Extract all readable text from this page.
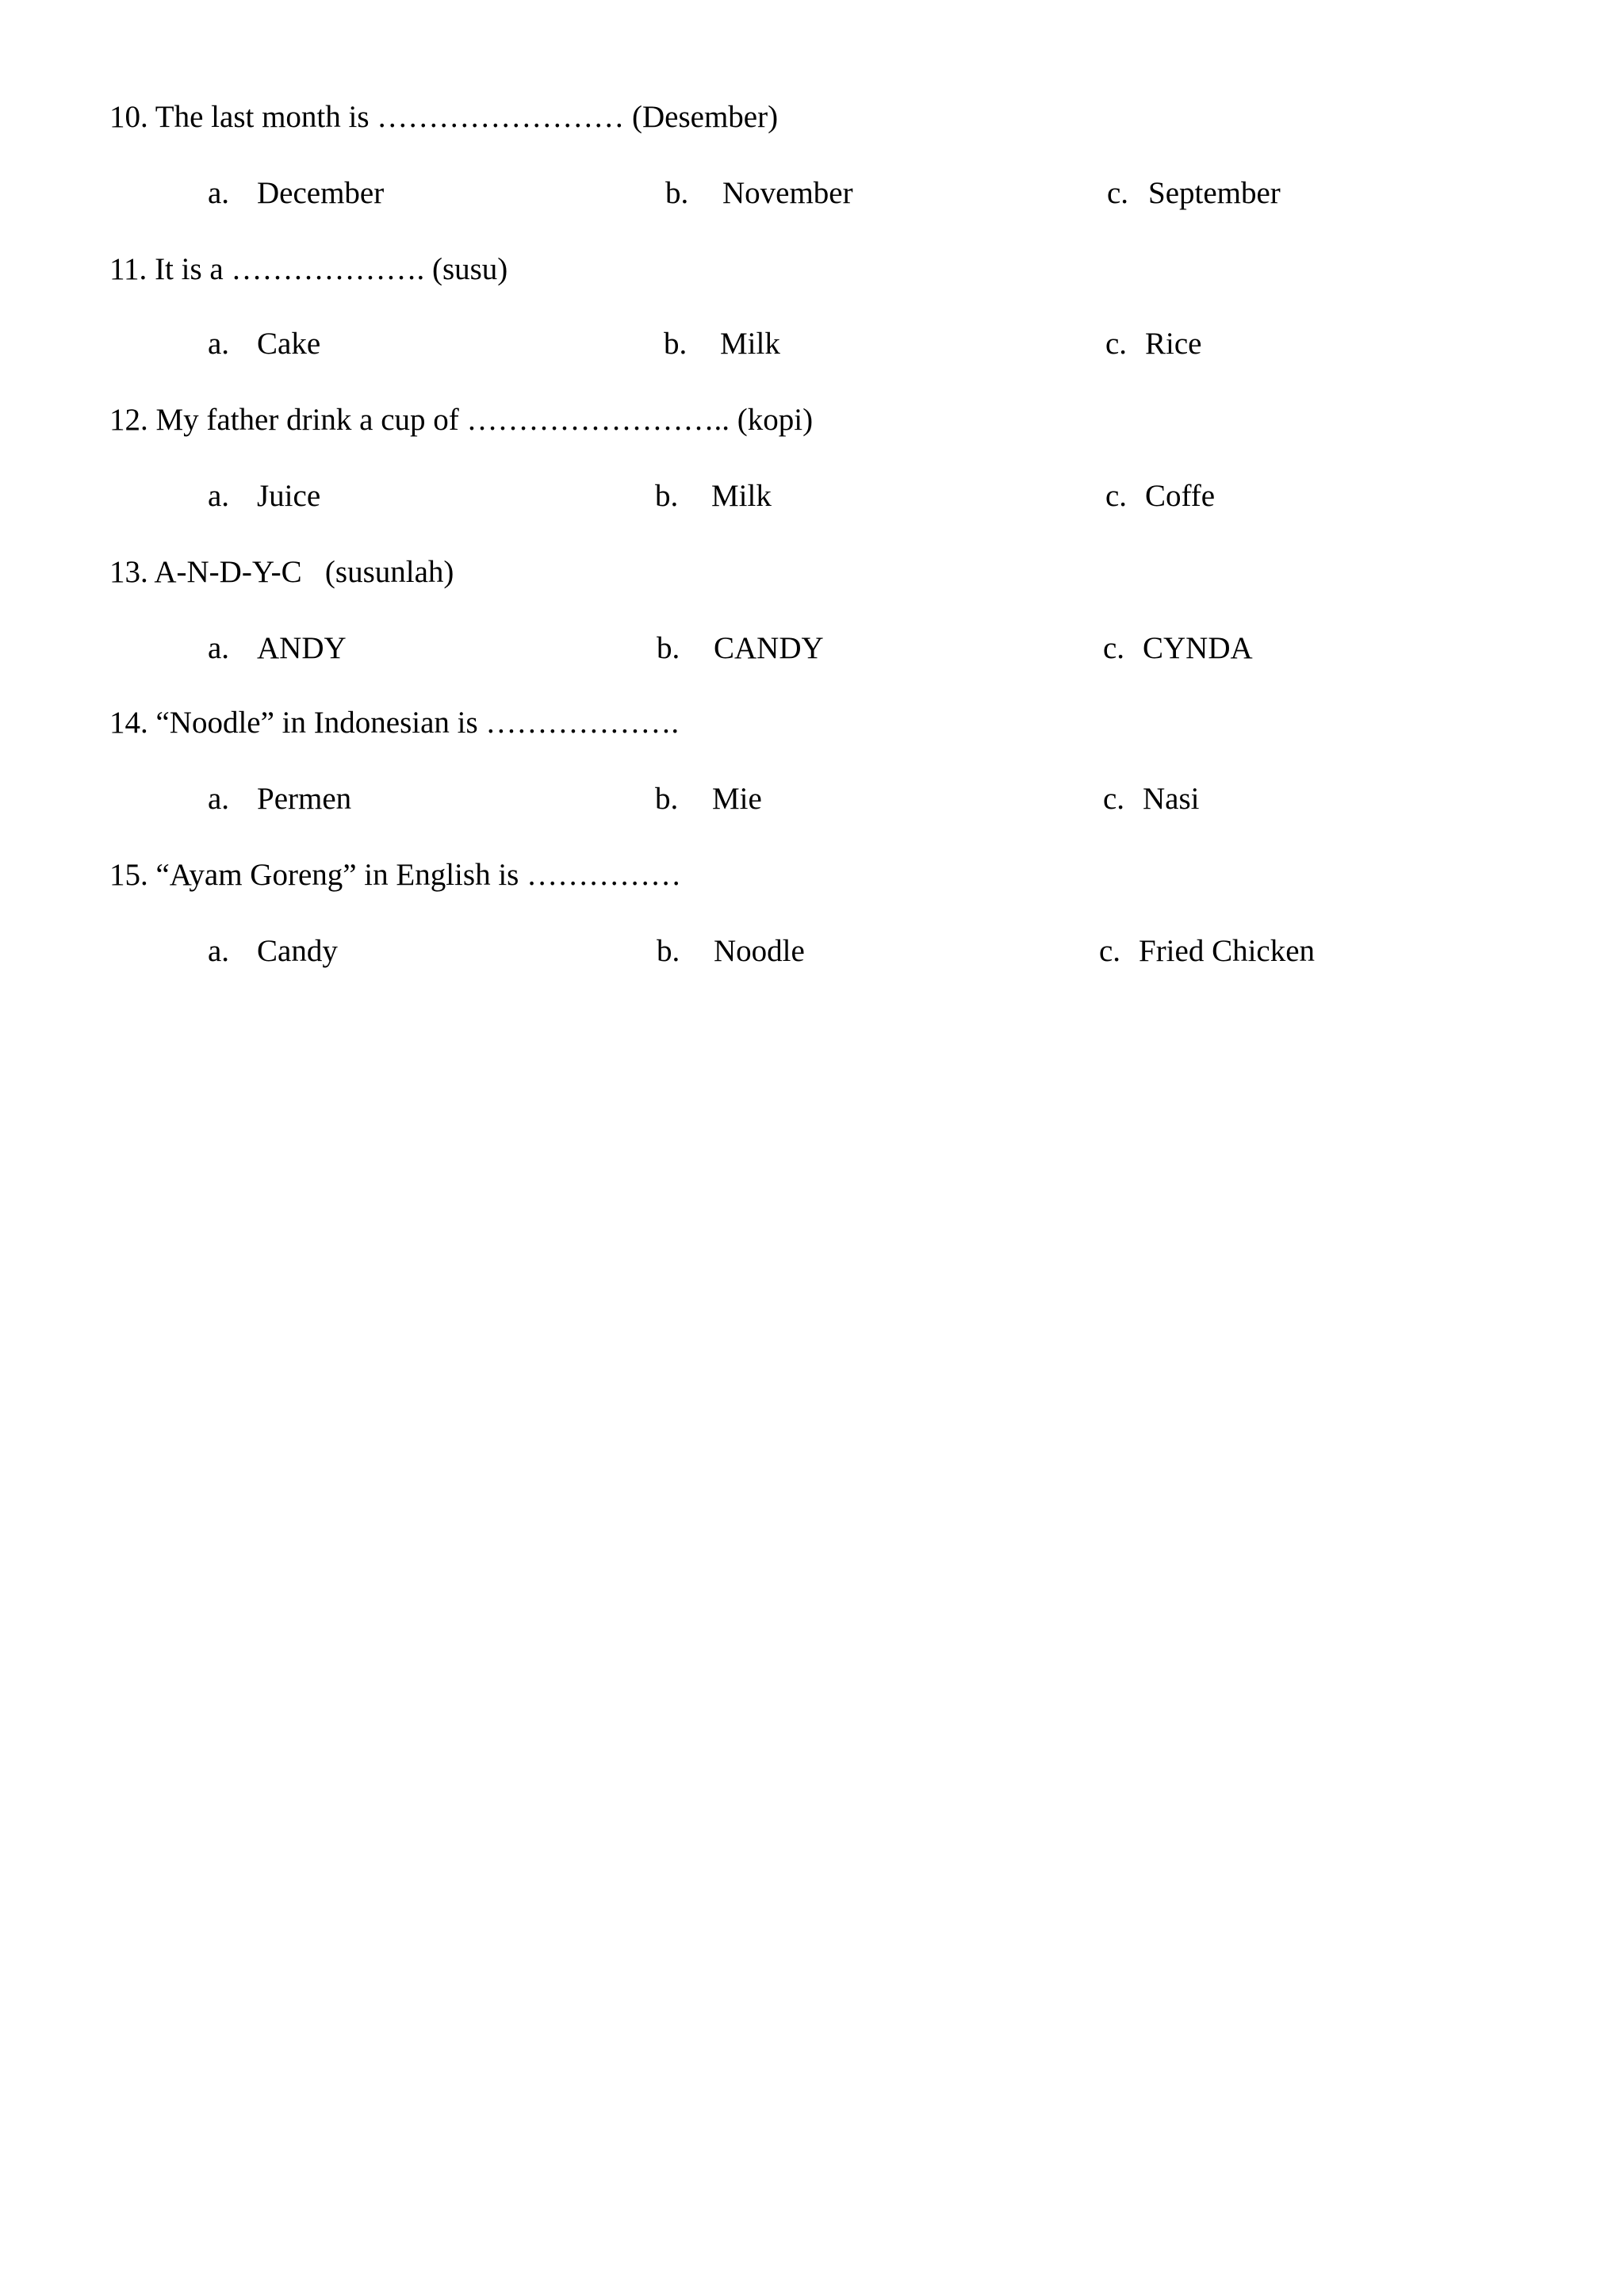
10. The last month is …………………… (Desember)
a. December	b. November	c. September
11. It is a ………………. (susu)
a. Cake	b. Milk	c. Rice
12. My father drink a cup of …………………….. (kopi)
a. Juice	b. Milk	c. Coffe
13. A-N-D-Y-C   (susunlah)
a. ANDY	b. CANDY	c. CYNDA
14. “Noodle” in Indonesian is ……………….
a. Permen	b. Mie	c. Nasi
15. “Ayam Goreng” in English is ……………
a. Candy	b. Noodle	c. Fried Chicken
